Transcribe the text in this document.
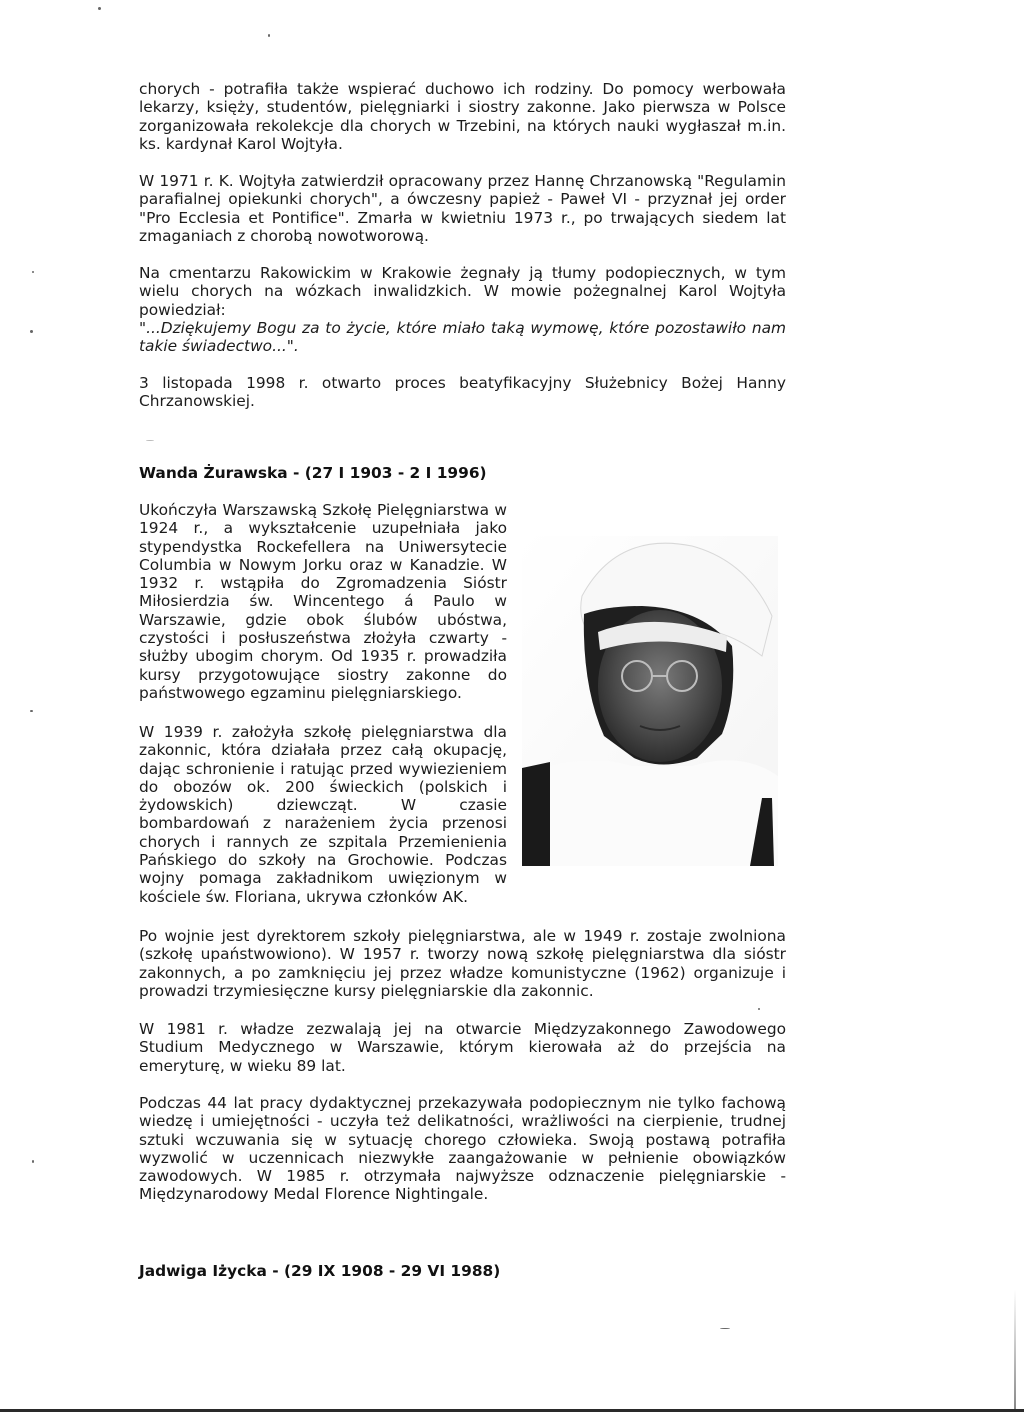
chorych - potrafiła także wspierać duchowo ich rodziny. Do pomocy werbowała lekarzy, księży, studentów, pielęgniarki i siostry zakonne. Jako pierwsza w Polsce zorganizowała rekolekcje dla chorych w Trzebini, na których nauki wygłaszał m.in. ks. kardynał Karol Wojtyła.

W 1971 r. K. Wojtyła zatwierdził opracowany przez Hannę Chrzanowską "Regulamin parafialnej opiekunki chorych", a ówczesny papież - Paweł VI - przyznał jej order "Pro Ecclesia et Pontifice". Zmarła w kwietniu 1973 r., po trwających siedem lat zmaganiach z chorobą nowotworową.

Na cmentarzu Rakowickim w Krakowie żegnały ją tłumy podopiecznych, w tym wielu chorych na wózkach inwalidzkich. W mowie pożegnalnej Karol Wojtyła powiedział:
"...Dziękujemy Bogu za to życie, które miało taką wymowę, które pozostawiło nam takie świadectwo...".

3 listopada 1998 r. otwarto proces beatyfikacyjny Służebnicy Bożej Hanny Chrzanowskiej.

Wanda Żurawska - (27 I 1903 - 2 I 1996)

Ukończyła Warszawską Szkołę Pielęgniarstwa w 1924 r., a wykształcenie uzupełniała jako stypendystka Rockefellera na Uniwersytecie Columbia w Nowym Jorku oraz w Kanadzie. W 1932 r. wstąpiła do Zgromadzenia Sióstr Miłosierdzia św. Wincentego á Paulo w Warszawie, gdzie obok ślubów ubóstwa, czystości i posłuszeństwa złożyła czwarty - służby ubogim chorym. Od 1935 r. prowadziła kursy przygotowujące siostry zakonne do państwowego egzaminu pielęgniarskiego.

W 1939 r. założyła szkołę pielęgniarstwa dla zakonnic, która działała przez całą okupację, dając schronienie i ratując przed wywiezieniem do obozów ok. 200 świeckich (polskich i żydowskich) dziewcząt. W czasie bombardowań z narażeniem życia przenosi chorych i rannych ze szpitala Przemienienia Pańskiego do szkoły na Grochowie. Podczas wojny pomaga zakładnikom uwięzionym w kościele św. Floriana, ukrywa członków AK.

Po wojnie jest dyrektorem szkoły pielęgniarstwa, ale w 1949 r. zostaje zwolniona (szkołę upaństwowiono). W 1957 r. tworzy nową szkołę pielęgniarstwa dla sióstr zakonnych, a po zamknięciu jej przez władze komunistyczne (1962) organizuje i prowadzi trzymiesięczne kursy pielęgniarskie dla zakonnic.

W 1981 r. władze zezwalają jej na otwarcie Międzyzakonnego Zawodowego Studium Medycznego w Warszawie, którym kierowała aż do przejścia na emeryturę, w wieku 89 lat.

Podczas 44 lat pracy dydaktycznej przekazywała podopiecznym nie tylko fachową wiedzę i umiejętności - uczyła też delikatności, wrażliwości na cierpienie, trudnej sztuki wczuwania się w sytuację chorego człowieka. Swoją postawą potrafiła wyzwolić w uczennicach niezwykłe zaangażowanie w pełnienie obowiązków zawodowych. W 1985 r. otrzymała najwyższe odznaczenie pielęgniarskie - Międzynarodowy Medal Florence Nightingale.

Jadwiga Iżycka - (29 IX 1908 - 29 VI 1988)
